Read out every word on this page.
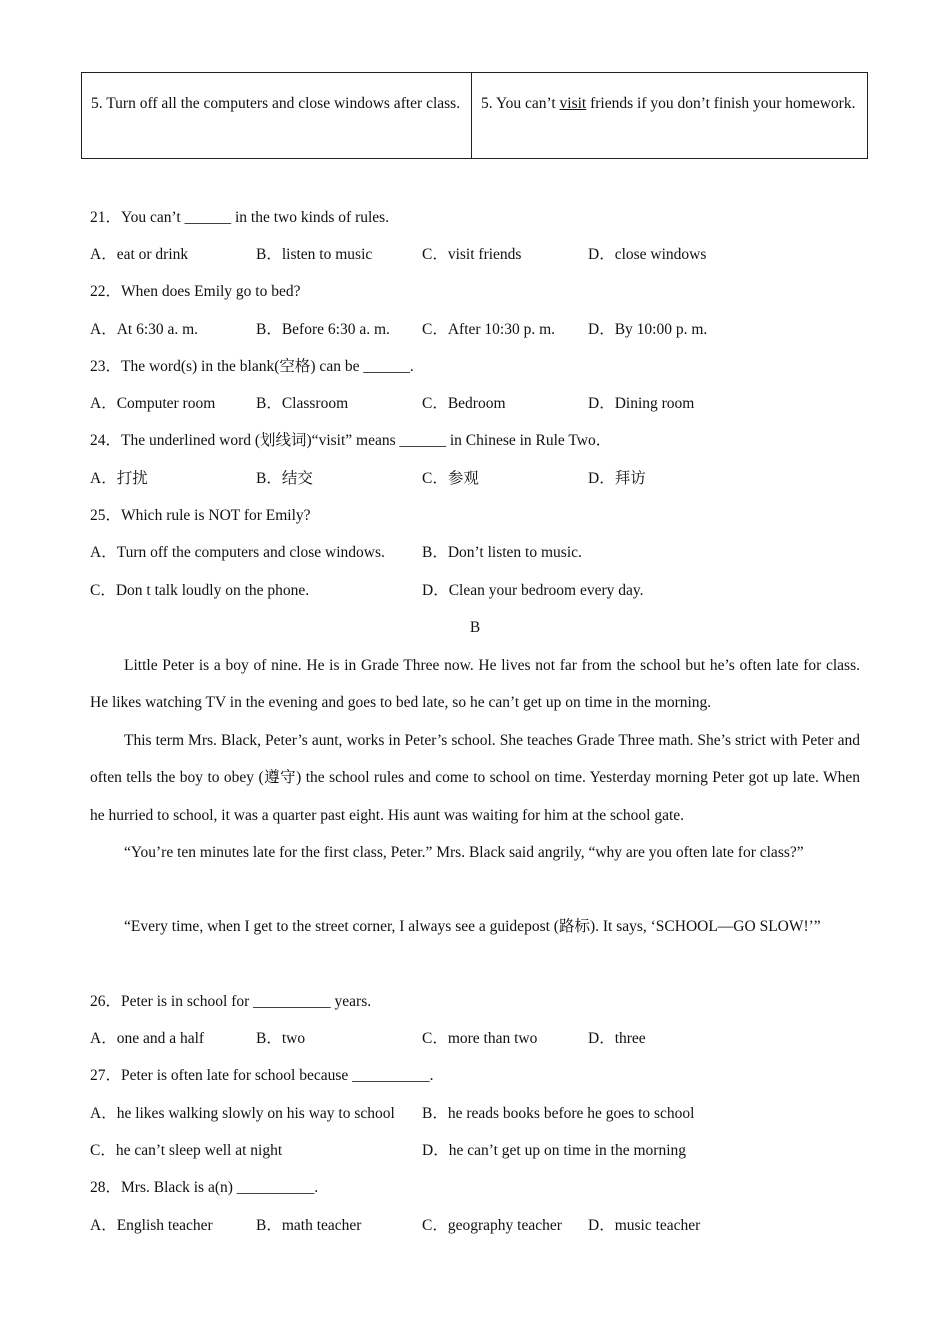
5. Turn off all the computers and close windows after class.	5. You can’t visit friends if you don’t finish your homework.
21．You can’t ______ in the two kinds of rules.
A．eat or drink	B．listen to music	C．visit friends	D．close windows
22．When does Emily go to bed?
A．At 6:30 a. m.	B．Before 6:30 a. m. C．After 10:30 p. m. D．By 10:00 p. m.
23．The word(s) in the blank(空格) can be ______.
A．Computer room	B．Classroom	C．Bedroom	D．Dining room
24．The underlined word (划线词)“visit” means ______ in Chinese in Rule Two．
A．打扰	B．结交	C．参观	D．拜访
25．Which rule is NOT for Emily?
A．Turn off the computers and close windows. B．Don’t listen to music.
C．Don t talk loudly on the phone.	D．Clean your bedroom every day.
B
Little Peter is a boy of nine. He is in Grade Three now. He lives not far from the school but he’s often late for class. He likes watching TV in the evening and goes to bed late, so he can’t get up on time in the morning.
This term Mrs. Black, Peter’s aunt, works in Peter’s school. She teaches Grade Three math. She’s strict with Peter and often tells the boy to obey (遵守) the school rules and come to school on time. Yesterday morning Peter got up late. When he hurried to school, it was a quarter past eight. His aunt was waiting for him at the school gate.
“You’re ten minutes late for the first class, Peter.” Mrs. Black said angrily, “why are you often late for class?”
“Every time, when I get to the street corner, I always see a guidepost (路标). It says, ‘SCHOOL—GO SLOW!’”
26．Peter is in school for __________ years.
A．one and a half	B．two	C．more than two	D．three
27．Peter is often late for school because __________.
A．he likes walking slowly on his way to school B．he reads books before he goes to school
C．he can’t sleep well at night	D．he can’t get up on time in the morning
28．Mrs. Black is a(n) __________.
A．English teacher	B．math teacher	C．geography teacher D．music teacher
